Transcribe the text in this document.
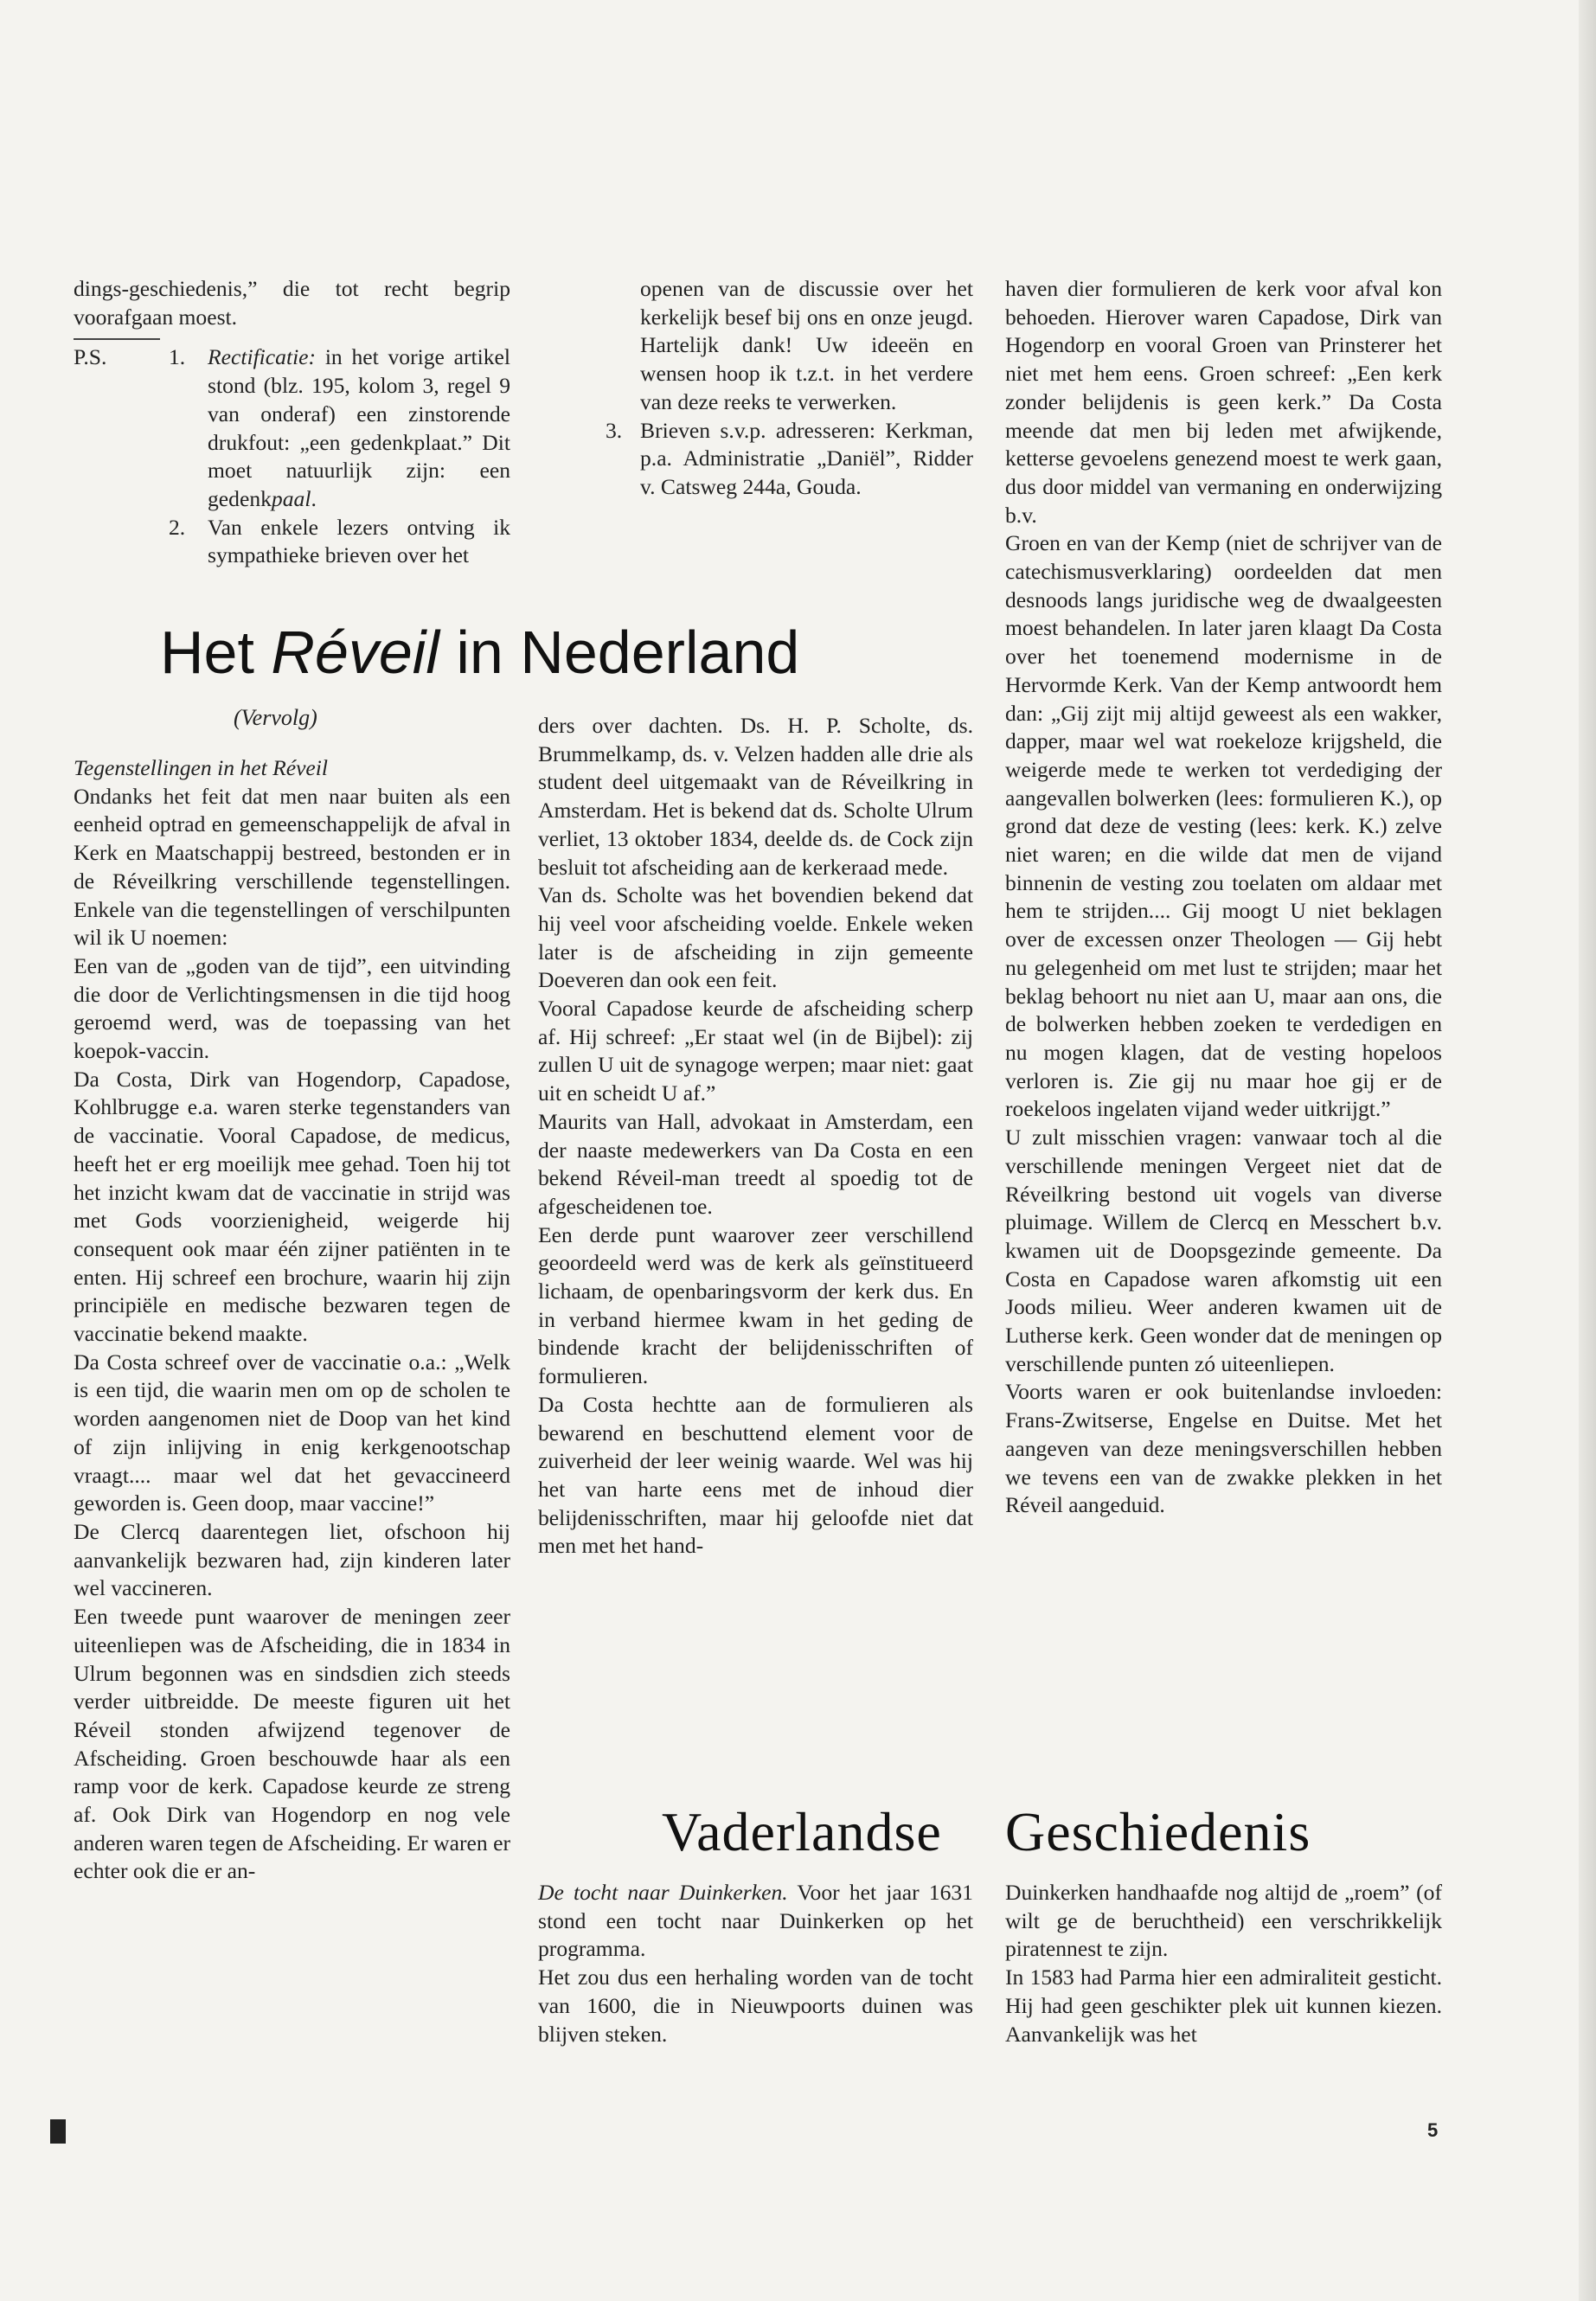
dings-geschiedenis,” die tot recht begrip voorafgaan moest.

P.S.	1.	Rectificatie: in het vorige artikel stond (blz. 195, kolom 3, regel 9 van onderaf) een zinstorende drukfout: „een gedenkplaat.” Dit moet natuurlijk zijn: een gedenkpaal.
2.	Van enkele lezers ontving ik sympathieke brieven over het
openen van de discussie over het kerkelijk besef bij ons en onze jeugd. Hartelijk dank! Uw ideeën en wensen hoop ik t.z.t. in het verdere van deze reeks te verwerken.
3. Brieven s.v.p. adresseren: Kerkman, p.a. Administratie „Daniël”, Ridder v. Catsweg 244a, Gouda.
Het Réveil in Nederland
(Vervolg)

Tegenstellingen in het Réveil

Ondanks het feit dat men naar buiten als een eenheid optrad en gemeenschappelijk de afval in Kerk en Maatschappij bestreed, bestonden er in de Réveilkring verschillende tegenstellingen. Enkele van die tegenstellingen of verschilpunten wil ik U noemen:

Een van de „goden van de tijd”, een uitvinding die door de Verlichtingsmensen in die tijd hoog geroemd werd, was de toepassing van het koepok-vaccin.

Da Costa, Dirk van Hogendorp, Capadose, Kohlbrugge e.a. waren sterke tegenstanders van de vaccinatie. Vooral Capadose, de medicus, heeft het er erg moeilijk mee gehad. Toen hij tot het inzicht kwam dat de vaccinatie in strijd was met Gods voorzienigheid, weigerde hij consequent ook maar één zijner patiënten in te enten. Hij schreef een brochure, waarin hij zijn principiële en medische bezwaren tegen de vaccinatie bekend maakte.

Da Costa schreef over de vaccinatie o.a.: „Welk is een tijd, die waarin men om op de scholen te worden aangenomen niet de Doop van het kind of zijn inlijving in enig kerkgenootschap vraagt.... maar wel dat het gevaccineerd geworden is. Geen doop, maar vaccine!”

De Clercq daarentegen liet, ofschoon hij aanvankelijk bezwaren had, zijn kinderen later wel vaccineren.

Een tweede punt waarover de meningen zeer uiteenliepen was de Afscheiding, die in 1834 in Ulrum begonnen was en sindsdien zich steeds verder uitbreidde. De meeste figuren uit het Réveil stonden afwijzend tegenover de Afscheiding. Groen beschouwde haar als een ramp voor de kerk. Capadose keurde ze streng af. Ook Dirk van Hogendorp en nog vele anderen waren tegen de Afscheiding. Er waren er echter ook die er an-

ders over dachten. Ds. H. P. Scholte, ds. Brummelkamp, ds. v. Velzen hadden alle drie als student deel uitgemaakt van de Réveilkring in Amsterdam. Het is bekend dat ds. Scholte Ulrum verliet, 13 oktober 1834, deelde ds. de Cock zijn besluit tot afscheiding aan de kerkeraad mede.

Van ds. Scholte was het bovendien bekend dat hij veel voor afscheiding voelde. Enkele weken later is de afscheiding in zijn gemeente Doeveren dan ook een feit.

Vooral Capadose keurde de afscheiding scherp af. Hij schreef: „Er staat wel (in de Bijbel): zij zullen U uit de synagoge werpen; maar niet: gaat uit en scheidt U af.”

Maurits van Hall, advokaat in Amsterdam, een der naaste medewerkers van Da Costa en een bekend Réveil-man treedt al spoedig tot de afgescheidenen toe.

Een derde punt waarover zeer verschillend geoordeeld werd was de kerk als geïnstitueerd lichaam, de openbaringsvorm der kerk dus. En in verband hiermee kwam in het geding de bindende kracht der belijdenisschriften of formulieren.

Da Costa hechtte aan de formulieren als bewarend en beschuttend element voor de zuiverheid der leer weinig waarde. Wel was hij het van harte eens met de inhoud dier belijdenisschriften, maar hij geloofde niet dat men met het hand-

haven dier formulieren de kerk voor afval kon behoeden. Hierover waren Capadose, Dirk van Hogendorp en vooral Groen van Prinsterer het niet met hem eens. Groen schreef: „Een kerk zonder belijdenis is geen kerk.” Da Costa meende dat men bij leden met afwijkende, ketterse gevoelens genezend moest te werk gaan, dus door middel van vermaning en onderwijzing b.v.

Groen en van der Kemp (niet de schrijver van de catechismusverklaring) oordeelden dat men desnoods langs juridische weg de dwaalgeesten moest behandelen. In later jaren klaagt Da Costa over het toenemend modernisme in de Hervormde Kerk. Van der Kemp antwoordt hem dan: „Gij zijt mij altijd geweest als een wakker, dapper, maar wel wat roekeloze krijgsheld, die weigerde mede te werken tot verdediging der aangevallen bolwerken (lees: formulieren K.), op grond dat deze de vesting (lees: kerk. K.) zelve niet waren; en die wilde dat men de vijand binnenin de vesting zou toelaten om aldaar met hem te strijden.... Gij moogt U niet beklagen over de excessen onzer Theologen — Gij hebt nu gelegenheid om met lust te strijden; maar het beklag behoort nu niet aan U, maar aan ons, die de bolwerken hebben zoeken te verdedigen en nu mogen klagen, dat de vesting hopeloos verloren is. Zie gij nu maar hoe gij er de roekeloos ingelaten vijand weder uitkrijgt.”

U zult misschien vragen: vanwaar toch al die verschillende meningen Vergeet niet dat de Réveilkring bestond uit vogels van diverse pluimage. Willem de Clercq en Messchert b.v. kwamen uit de Doopsgezinde gemeente. Da Costa en Capadose waren afkomstig uit een Joods milieu. Weer anderen kwamen uit de Lutherse kerk. Geen wonder dat de meningen op verschillende punten zó uiteenliepen.

Voorts waren er ook buitenlandse invloeden: Frans-Zwitserse, Engelse en Duitse. Met het aangeven van deze meningsverschillen hebben we tevens een van de zwakke plekken in het Réveil aangeduid.

Vaderlandse Geschiedenis

De tocht naar Duinkerken. Voor het jaar 1631 stond een tocht naar Duinkerken op het programma.

Het zou dus een herhaling worden van de tocht van 1600, die in Nieuwpoorts duinen was blijven steken.

Duinkerken handhaafde nog altijd de „roem” (of wilt ge de beruchtheid) een verschrikkelijk piratennest te zijn.

In 1583 had Parma hier een admiraliteit gesticht. Hij had geen geschikter plek uit kunnen kiezen. Aanvankelijk was het

5
